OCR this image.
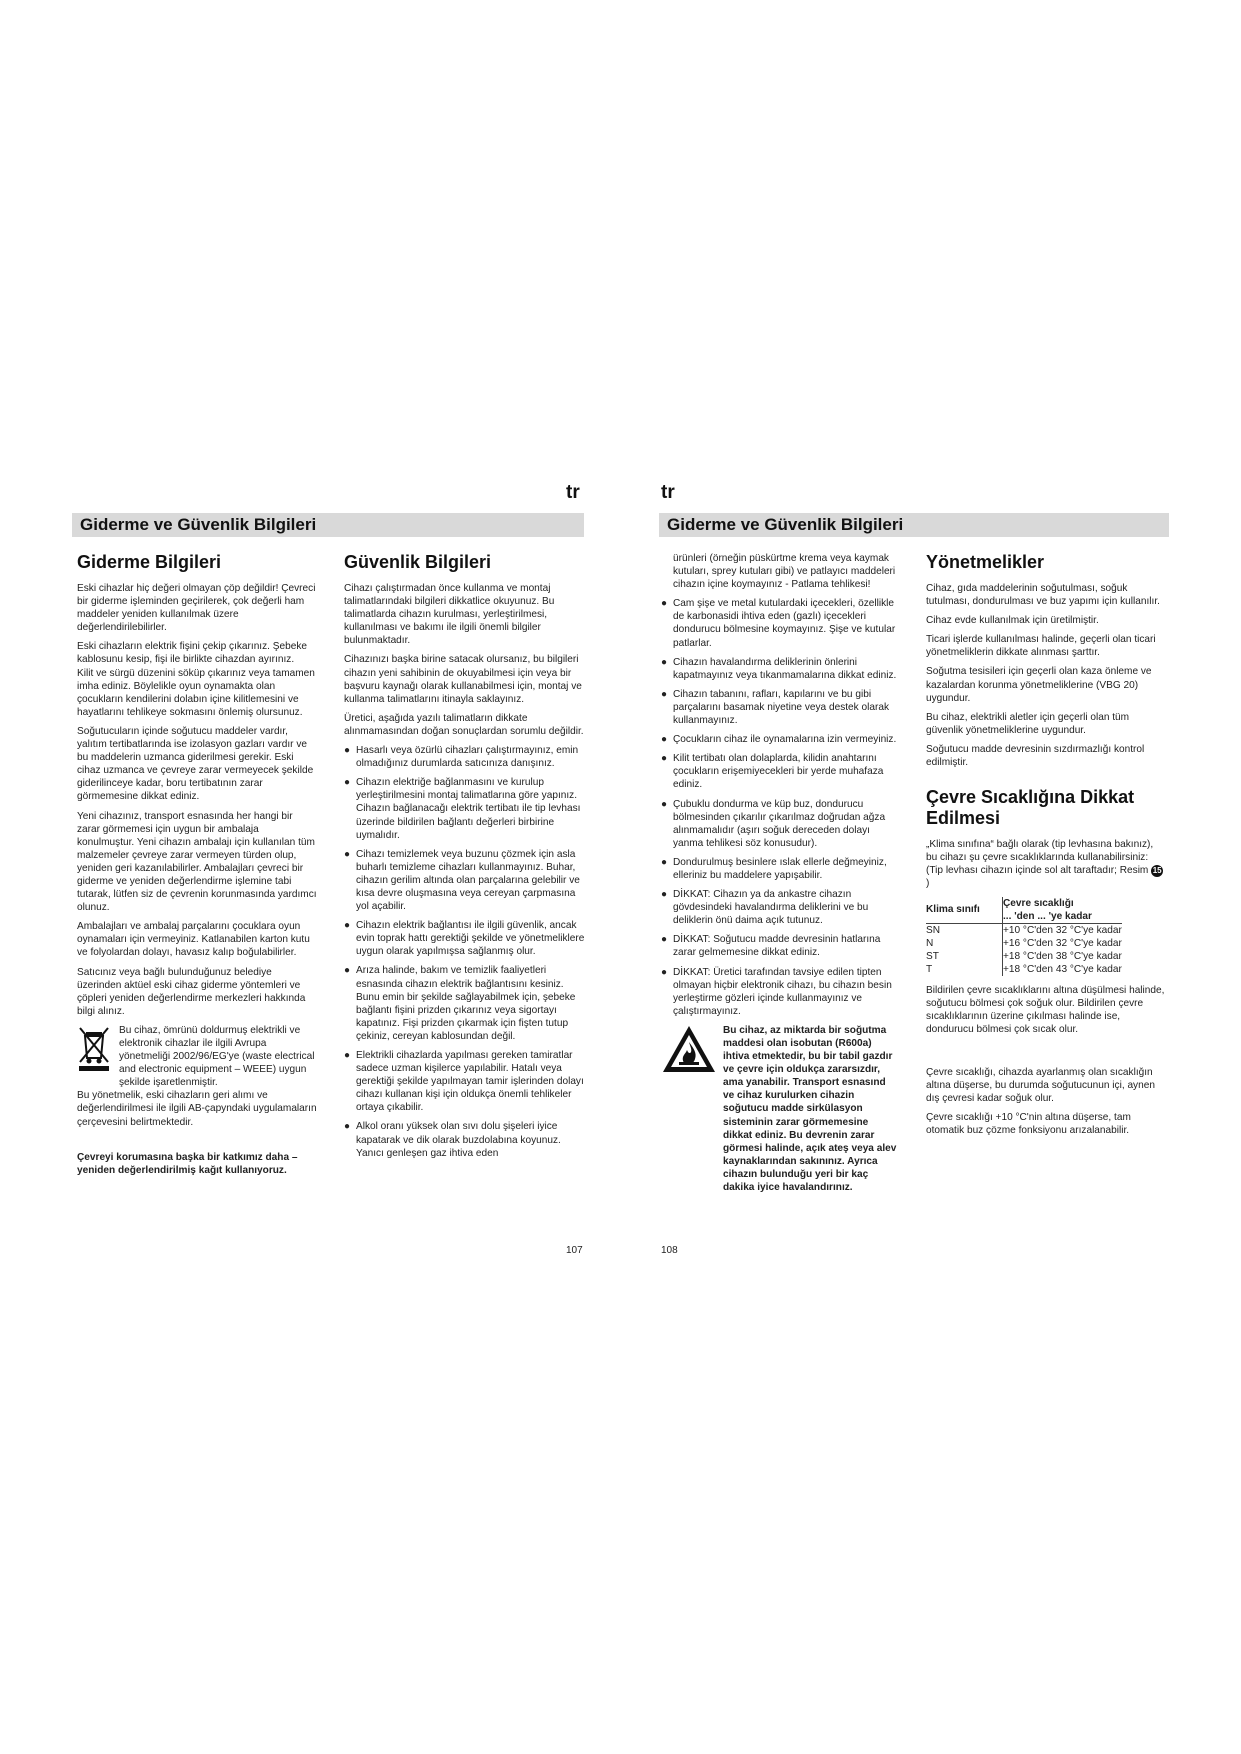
tr
Giderme ve Güvenlik Bilgileri
Giderme Bilgileri

Eski cihazlar hiç değeri olmayan çöp değildir! Çevreci bir giderme işleminden geçirilerek, çok değerli ham maddeler yeniden kullanılmak üzere değerlendirilebilirler.

Eski cihazların elektrik fişini çekip çıkarınız. Şebeke kablosunu kesip, fişi ile birlikte cihazdan ayırınız.
Kilit ve sürgü düzenini söküp çıkarınız veya tamamen imha ediniz. Böylelikle oyun oynamakta olan çocukların kendilerini dolabın içine kilitlemesini ve hayatlarını tehlikeye sokmasını önlemiş olursunuz.

Soğutucuların içinde soğutucu maddeler vardır, yalıtım tertibatlarında ise izolasyon gazları vardır ve bu maddelerin uzmanca giderilmesi gerekir. Eski cihaz uzmanca ve çevreye zarar vermeyecek şekilde giderilinceye kadar, boru tertibatının zarar görmemesine dikkat ediniz.

Yeni cihazınız, transport esnasında her hangi bir zarar görmemesi için uygun bir ambalaja konulmuştur. Yeni cihazın ambalajı için kullanılan tüm malzemeler çevreye zarar vermeyen türden olup, yeniden geri kazanılabilirler. Ambalajları çevreci bir giderme ve yeniden değerlendirme işlemine tabi tutarak, lütfen siz de çevrenin korunmasında yardımcı olunuz.

Ambalajları ve ambalaj parçalarını çocuklara oyun oynamaları için vermeyiniz. Katlanabilen karton kutu ve folyolardan dolayı, havasız kalıp boğulabilirler.

Satıcınız veya bağlı bulunduğunuz belediye üzerinden aktüel eski cihaz giderme yöntemleri ve çöpleri yeniden değerlendirme merkezleri hakkında bilgi alınız.

Bu cihaz, ömrünü doldurmuş elektrikli ve elektronik cihazlar ile ilgili Avrupa yönetmeliği 2002/96/EG'ye (waste electrical and electronic equipment – WEEE) uygun şekilde işaretlenmiştir.

Bu yönetmelik, eski cihazların geri alımı ve değerlendirilmesi ile ilgili AB-çapyndaki uygulamaların çerçevesini belirtmektedir.

Çevreyi korumasına başka bir katkımız daha – yeniden değerlendirilmiş kağıt kullanıyoruz.

Güvenlik Bilgileri

Cihazı çalıştırmadan önce kullanma ve montaj talimatlarındaki bilgileri dikkatlice okuyunuz. Bu talimatlarda cihazın kurulması, yerleştirilmesi, kullanılması ve bakımı ile ilgili önemli bilgiler bulunmaktadır.

Cihazınızı başka birine satacak olursanız, bu bilgileri cihazın yeni sahibinin de okuyabilmesi için veya bir başvuru kaynağı olarak kullanabilmesi için, montaj ve kullanma talimatlarını itinayla saklayınız.

Üretici, aşağıda yazılı talimatların dikkate alınmamasından doğan sonuçlardan sorumlu değildir.

● Hasarlı veya özürlü cihazları çalıştırmayınız, emin olmadığınız durumlarda satıcınıza danışınız.
● Cihazın elektriğe bağlanmasını ve kurulup yerleştirilmesini montaj talimatlarına göre yapınız. Cihazın bağlanacağı elektrik tertibatı ile tip levhası üzerinde bildirilen bağlantı değerleri birbirine uymalıdır.
● Cihazı temizlemek veya buzunu çözmek için asla buharlı temizleme cihazları kullanmayınız. Buhar, cihazın gerilim altında olan parçalarına gelebilir ve kısa devre oluşmasına veya cereyan çarpmasına yol açabilir.
● Cihazın elektrik bağlantısı ile ilgili güvenlik, ancak evin toprak hattı gerektiği şekilde ve yönetmeliklere uygun olarak yapılmışsa sağlanmış olur.
● Arıza halinde, bakım ve temizlik faaliyetleri esnasında cihazın elektrik bağlantısını kesiniz. Bunu emin bir şekilde sağlayabilmek için, şebeke bağlantı fişini prizden çıkarınız veya sigortayı kapatınız. Fişi prizden çıkarmak için fişten tutup çekiniz, cereyan kablosundan değil.
● Elektrikli cihazlarda yapılması gereken tamiratlar sadece uzman kişilerce yapılabilir. Hatalı veya gerektiği şekilde yapılmayan tamir işlerinden dolayı cihazı kullanan kişi için oldukça önemli tehlikeler ortaya çıkabilir.
● Alkol oranı yüksek olan sıvı dolu şişeleri iyice kapatarak ve dik olarak buzdolabına koyunuz. Yanıcı genleşen gaz ihtiva eden
107
tr
Giderme ve Güvenlik Bilgileri

ürünleri (örneğin püskürtme krema veya kaymak kutuları, sprey kutuları gibi) ve patlayıcı maddeleri cihazın içine koymayınız - Patlama tehlikesi!

● Cam şişe ve metal kutulardaki içecekleri, özellikle de karbonasidi ihtiva eden (gazlı) içecekleri dondurucu bölmesine koymayınız. Şişe ve kutular patlarlar.
● Cihazın havalandırma deliklerinin önlerini kapatmayınız veya tıkanmamalarına dikkat ediniz.
● Cihazın tabanını, rafları, kapılarını ve bu gibi parçalarını basamak niyetine veya destek olarak kullanmayınız.
● Çocukların cihaz ile oynamalarına izin vermeyiniz.
● Kilit tertibatı olan dolaplarda, kilidin anahtarını çocukların erişemiyecekleri bir yerde muhafaza ediniz.
● Çubuklu dondurma ve küp buz, dondurucu bölmesinden çıkarılır çıkarılmaz doğrudan ağza alınmamalıdır (aşırı soğuk dereceden dolayı yanma tehlikesi söz konusudur).
● Dondurulmuş besinlere ıslak ellerle değmeyiniz, elleriniz bu maddelere yapışabilir.
● DİKKAT: Cihazın ya da ankastre cihazın gövdesindeki havalandırma deliklerini ve bu deliklerin önü daima açık tutunuz.
● DİKKAT: Soğutucu madde devresinin hatlarına zarar gelmemesine dikkat ediniz.
● DİKKAT: Üretici tarafından tavsiye edilen tipten olmayan hiçbir elektronik cihazı, bu cihazın besin yerleştirme gözleri içinde kullanmayınız ve çalıştırmayınız.
Bu cihaz, az miktarda bir soğutma maddesi olan isobutan (R600a) ihtiva etmektedir, bu bir tabil gazdır ve çevre için oldukça zararsızdır, ama yanabilir. Transport esnasınd ve cihaz kurulurken cihazin soğutucu madde sirkülasyon sisteminin zarar görmemesine dikkat ediniz. Bu devrenin zarar görmesi halinde, açık ateş veya alev kaynaklarından sakınınız. Ayrıca cihazın bulunduğu yeri bir kaç dakika iyice havalandırınız.
Yönetmelikler

Cihaz, gıda maddelerinin soğutulması, soğuk tutulması, dondurulması ve buz yapımı için kullanılır.

Cihaz evde kullanılmak için üretilmiştir.

Ticari işlerde kullanılması halinde, geçerli olan ticari yönetmeliklerin dikkate alınması şarttır.

Soğutma tesisileri için geçerli olan kaza önleme ve kazalardan korunma yönetmeliklerine (VBG 20) uygundur.

Bu cihaz, elektrikli aletler için geçerli olan tüm güvenlik yönetmeliklerine uygundur.

Soğutucu madde devresinin sızdırmazlığı kontrol edilmiştir.

Çevre Sıcaklığına Dikkat Edilmesi

„Klima sınıfına“ bağlı olarak (tip levhasına bakınız), bu cihazı şu çevre sıcaklıklarında kullanabilirsiniz: (Tip levhası cihazın içinde sol alt taraftadır; Resim 15)

Klima sınıfı	Çevre sıcaklığı
... 'den ... 'ye kadar
SN	+10 °C'den 32 °C'ye kadar
N	+16 °C'den 32 °C'ye kadar
ST	+18 °C'den 38 °C'ye kadar
T	+18 °C'den 43 °C'ye kadar

Bildirilen çevre sıcaklıklarını altına düşülmesi halinde, soğutucu bölmesi çok soğuk olur. Bildirilen çevre sıcaklıklarının üzerine çıkılması halinde ise, dondurucu bölmesi çok sıcak olur.

Çevre sıcaklığı, cihazda ayarlanmış olan sıcaklığın altına düşerse, bu durumda soğutucunun içi, aynen dış çevresi kadar soğuk olur.

Çevre sıcaklığı +10 °C'nin altına düşerse, tam otomatik buz çözme fonksiyonu arızalanabilir.

108
